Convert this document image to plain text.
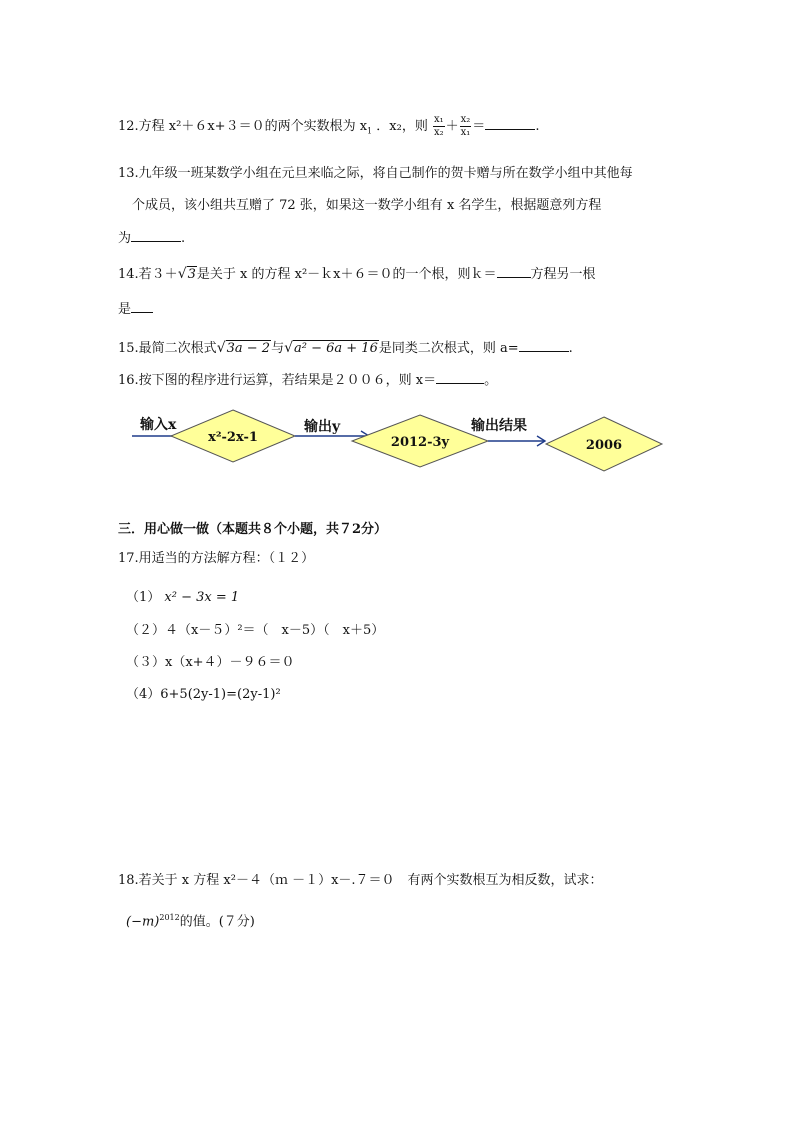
12.方程 x²＋６x+３＝０的两个实数根为 $x_1$ ．x₂，则 $\frac{\text{x₁}}{\text{x₂}} + \frac{\text{x₂}}{\text{x₁}}$ ＝	.
13.九年级一班某数学小组在元旦来临之际，将自己制作的贺卡赠与所在数学小组中其他每
个成员，该小组共互赠了 72 张，如果这一数学小组有 x 名学生，根据题意列方程
为	.
14.若３＋√3是关于 x 的方程 x²－ｋx＋６＝０的一个根，则ｋ＝	方程另一根
是
15.最简二次根式√3a − 2与√a² − 6a + 16是同类二次根式，则 a=	.
16.按下图的程序进行运算，若结果是２００６，则 x＝	。
输入x
x²-2x-1
输出y
2012-3y
输出结果
2006
三．用心做一做（本题共８个小题，共７2分）
17.用适当的方法解方程：（１２）
（1） x² − 3x = 1
（２）４（x－５）²＝（　x－5）（　x＋5）
（３）x（x+４）－９６＝０
（4）6+5(2y-1)=(2y-1)²
18.若关于 x 方程 x²－４（ｍ －１）x－.７＝０　有两个实数根互为相反数，试求：
$(-m)^{2012}$的值。(７分)
